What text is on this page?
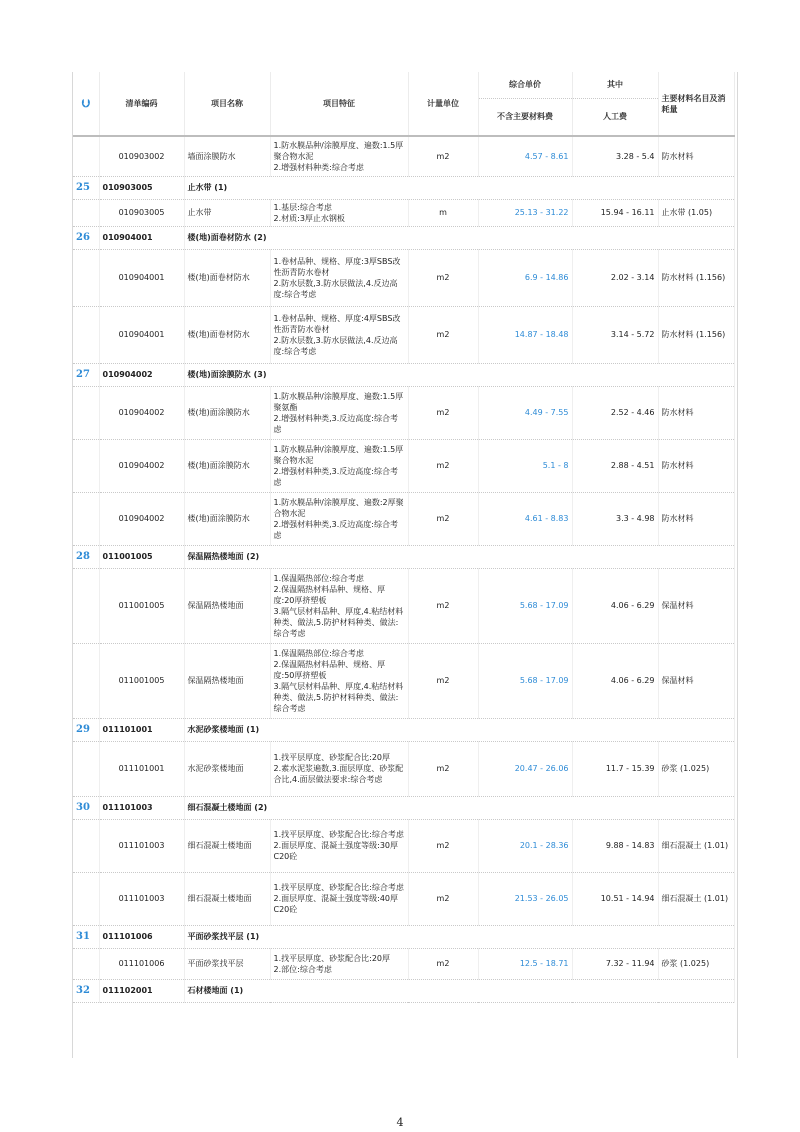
⮋	清单编码	项目名称	项目特征	计量单位	综合单价	其中	主要材料名目及消耗量
					不含主要材料费	人工费	
	010903002	墙面涂膜防水	1.防水膜品种/涂膜厚度、遍数:1.5厚聚合物水泥
2.增强材料种类:综合考虑	m2	4.57 - 8.61	3.28 - 5.4	防水材料
25	010903005	止水带 (1)					
	010903005	止水带	1.基层:综合考虑
2.材质:3厚止水钢板	m	25.13 - 31.22	15.94 - 16.11	止水带 (1.05)
26	010904001	楼(地)面卷材防水 (2)					
	010904001	楼(地)面卷材防水	1.卷材品种、规格、厚度:3厚SBS改性沥青防水卷材
2.防水层数,3.防水层做法,4.反边高度:综合考虑	m2	6.9 - 14.86	2.02 - 3.14	防水材料 (1.156)
	010904001	楼(地)面卷材防水	1.卷材品种、规格、厚度:4厚SBS改性沥青防水卷材
2.防水层数,3.防水层做法,4.反边高度:综合考虑	m2	14.87 - 18.48	3.14 - 5.72	防水材料 (1.156)
27	010904002	楼(地)面涂膜防水 (3)					
	010904002	楼(地)面涂膜防水	1.防水膜品种/涂膜厚度、遍数:1.5厚聚氨酯
2.增强材料种类,3.反边高度:综合考虑	m2	4.49 - 7.55	2.52 - 4.46	防水材料
	010904002	楼(地)面涂膜防水	1.防水膜品种/涂膜厚度、遍数:1.5厚聚合物水泥
2.增强材料种类,3.反边高度:综合考虑	m2	5.1 - 8	2.88 - 4.51	防水材料
	010904002	楼(地)面涂膜防水	1.防水膜品种/涂膜厚度、遍数:2厚聚合物水泥
2.增强材料种类,3.反边高度:综合考虑	m2	4.61 - 8.83	3.3 - 4.98	防水材料
28	011001005	保温隔热楼地面 (2)					
	011001005	保温隔热楼地面	1.保温隔热部位:综合考虑
2.保温隔热材料品种、规格、厚度:20厚挤塑板
3.隔气层材料品种、厚度,4.粘结材料种类、做法,5.防护材料种类、做法:综合考虑	m2	5.68 - 17.09	4.06 - 6.29	保温材料
	011001005	保温隔热楼地面	1.保温隔热部位:综合考虑
2.保温隔热材料品种、规格、厚度:50厚挤塑板
3.隔气层材料品种、厚度,4.粘结材料种类、做法,5.防护材料种类、做法:综合考虑	m2	5.68 - 17.09	4.06 - 6.29	保温材料
29	011101001	水泥砂浆楼地面 (1)					
	011101001	水泥砂浆楼地面	1.找平层厚度、砂浆配合比:20厚
2.素水泥浆遍数,3.面层厚度、砂浆配合比,4.面层做法要求:综合考虑	m2	20.47 - 26.06	11.7 - 15.39	砂浆 (1.025)
30	011101003	细石混凝土楼地面 (2)					
	011101003	细石混凝土楼地面	1.找平层厚度、砂浆配合比:综合考虑
2.面层厚度、混凝土强度等级:30厚C20砼	m2	20.1 - 28.36	9.88 - 14.83	细石混凝土 (1.01)
	011101003	细石混凝土楼地面	1.找平层厚度、砂浆配合比:综合考虑
2.面层厚度、混凝土强度等级:40厚C20砼	m2	21.53 - 26.05	10.51 - 14.94	细石混凝土 (1.01)
31	011101006	平面砂浆找平层 (1)					
	011101006	平面砂浆找平层	1.找平层厚度、砂浆配合比:20厚
2.部位:综合考虑	m2	12.5 - 18.71	7.32 - 11.94	砂浆 (1.025)
32	011102001	石材楼地面 (1)					
4
